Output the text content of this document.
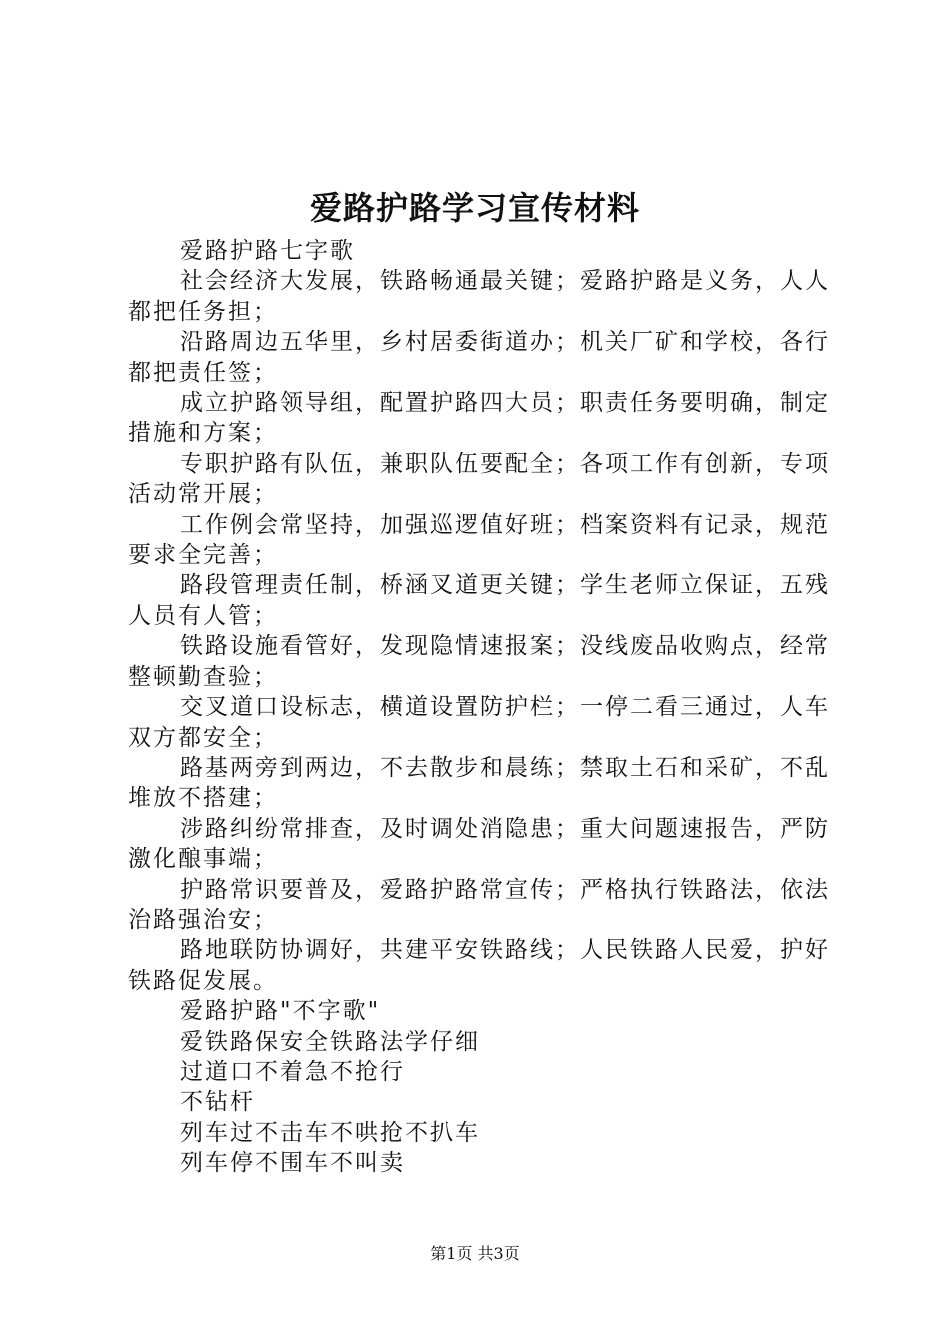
爱路护路学习宣传材料

爱路护路七字歌

社会经济大发展，铁路畅通最关键；爱路护路是义务，人人都把任务担；

沿路周边五华里，乡村居委街道办；机关厂矿和学校，各行都把责任签；

成立护路领导组，配置护路四大员；职责任务要明确，制定措施和方案；

专职护路有队伍，兼职队伍要配全；各项工作有创新，专项活动常开展；

工作例会常坚持，加强巡逻值好班；档案资料有记录，规范要求全完善；

路段管理责任制，桥涵叉道更关键；学生老师立保证，五残人员有人管；

铁路设施看管好，发现隐情速报案；没线废品收购点，经常整顿勤查验；

交叉道口设标志，横道设置防护栏；一停二看三通过，人车双方都安全；

路基两旁到两边，不去散步和晨练；禁取土石和采矿，不乱堆放不搭建；

涉路纠纷常排查，及时调处消隐患；重大问题速报告，严防激化酿事端；

护路常识要普及，爱路护路常宣传；严格执行铁路法，依法治路强治安；

路地联防协调好，共建平安铁路线；人民铁路人民爱，护好铁路促发展。

爱路护路"不字歌"

爱铁路保安全铁路法学仔细

过道口不着急不抢行

不钻杆

列车过不击车不哄抢不扒车

列车停不围车不叫卖

第1页 共3页
